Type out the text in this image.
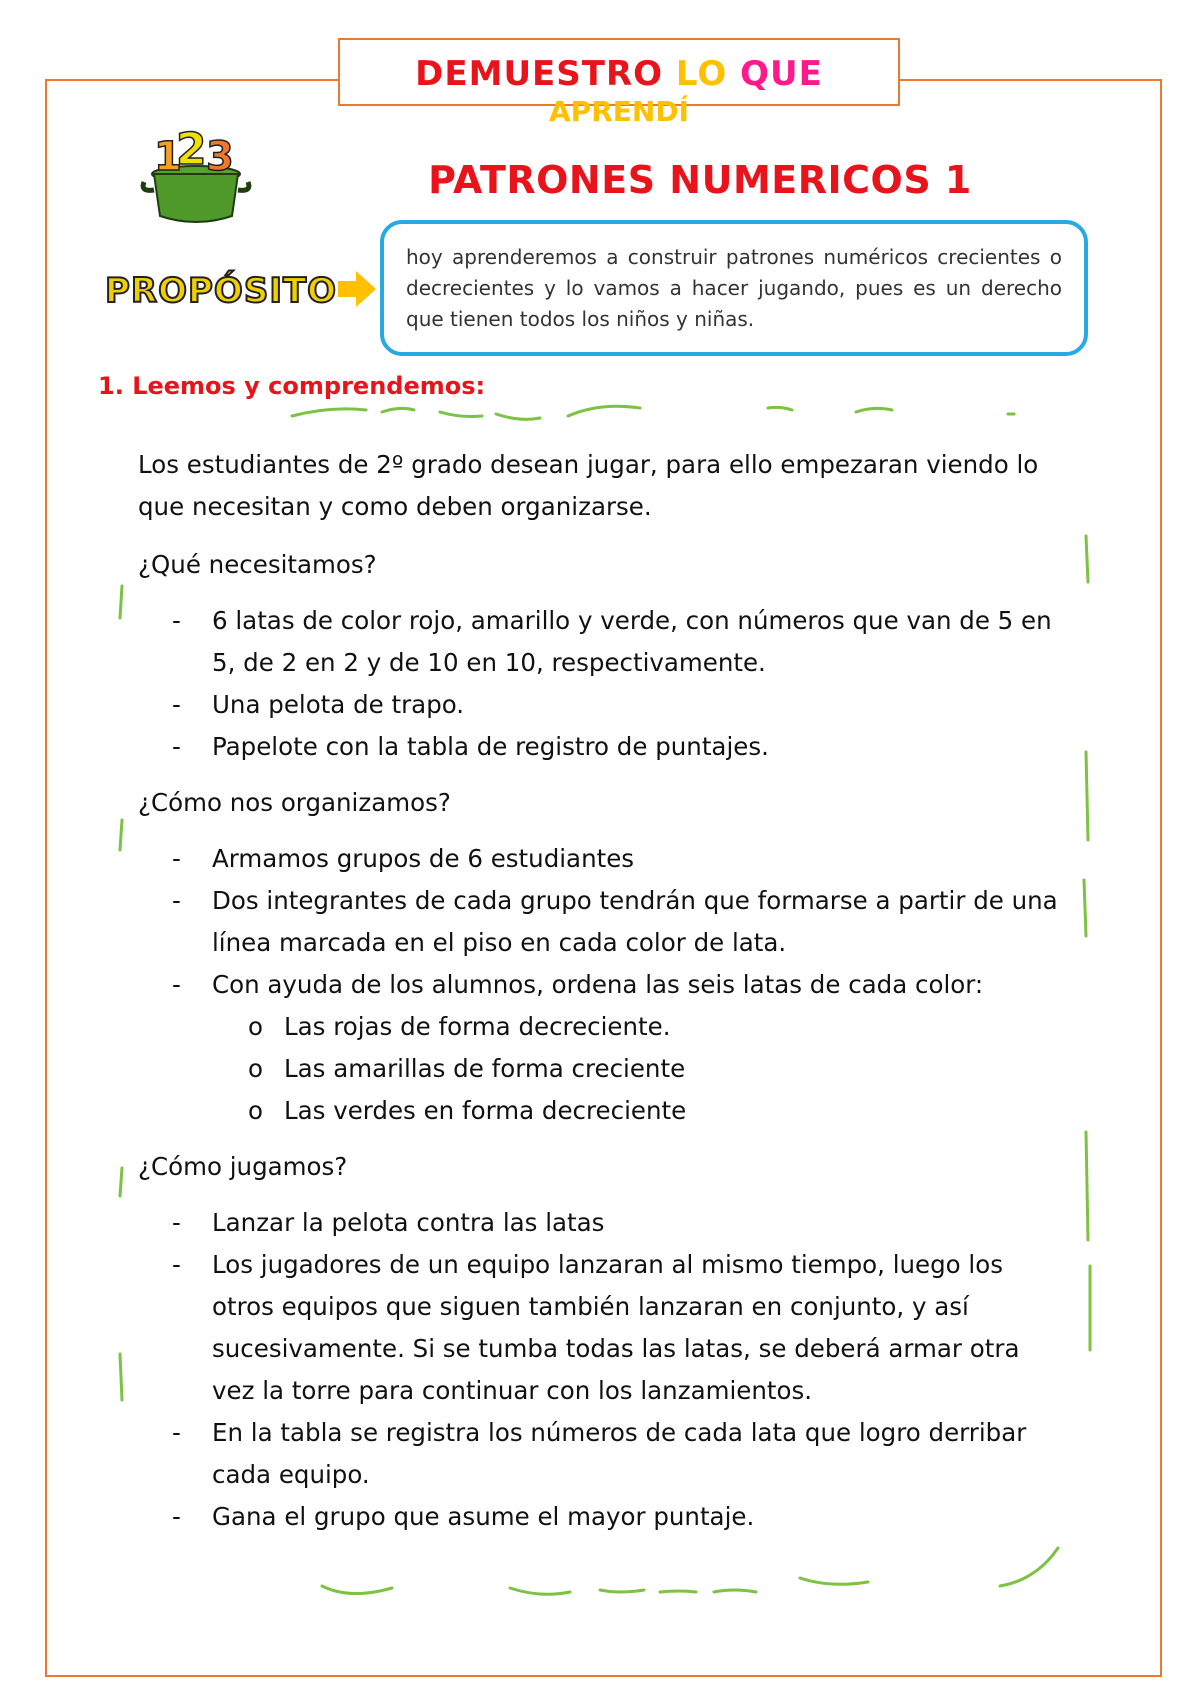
DEMUESTRO LO QUE
APRENDÍ
1
2 3	PATRONES NUMERICOS 1
PROPÓSITO
hoy aprenderemos a construir patrones numéricos crecientes o decrecientes y lo vamos a hacer jugando, pues es un derecho que tienen todos los niños y niñas.
1. Leemos y comprendemos:

Los estudiantes de 2º grado desean jugar, para ello empezaran viendo lo que necesitan y como deben organizarse.

¿Qué necesitamos?

- 6 latas de color rojo, amarillo y verde, con números que van de 5 en 5, de 2 en 2 y de 10 en 10, respectivamente.
- Una pelota de trapo.
- Papelote con la tabla de registro de puntajes.

¿Cómo nos organizamos?

- Armamos grupos de 6 estudiantes
- Dos integrantes de cada grupo tendrán que formarse a partir de una línea marcada en el piso en cada color de lata.
- Con ayuda de los alumnos, ordena las seis latas de cada color:
o Las rojas de forma decreciente.
o Las amarillas de forma creciente
o Las verdes en forma decreciente

¿Cómo jugamos?

- Lanzar la pelota contra las latas
- Los jugadores de un equipo lanzaran al mismo tiempo, luego los otros equipos que siguen también lanzaran en conjunto, y así sucesivamente. Si se tumba todas las latas, se deberá armar otra vez la torre para continuar con los lanzamientos.
- En la tabla se registra los números de cada lata que logro derribar cada equipo.
- Gana el grupo que asume el mayor puntaje.
